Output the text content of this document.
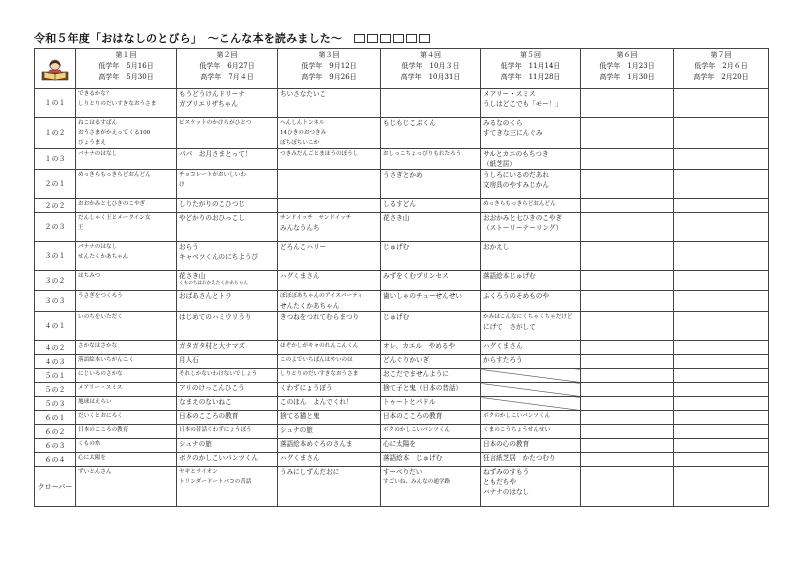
令和５年度「おはなしのとびら」　～こんな本を読みました～

第１回
低学年　5月16日
高学年　5月30日	第２回
低学年　6月27日
高学年　7月４日	第３回
低学年　9月12日
高学年　9月26日	第４回
低学年　10月３日
高学年　10月31日	第５回
低学年　11月14日
高学年　11月28日	第６回
低学年　1月23日
高学年　1月30日	第７回
低学年　2月６日
高学年　2月20日

１の１	できるかな？
しりとりのだいすきなおうさま	もうどうけんドリーナ
ガブリエリザちゃん	ちいさなたいこ		メアリー・スミス
うしはどこでも「モー！」		

１の２	ねこはるすばん
おうさまがかえってくる100
びょうまえ	ビスケットのかけらがひとつ	へんしんトンネル
14ひきのおつきみ
ぼちぼちいこか	もじもじこぶくん	みるなのくら
すてきな三にんぐみ		

１の３	バナナのはなし	パパ　お月さまとって！	つきみだんごとまほうのぼうし	おしっこちょっぴりもれたろう	サルとカニのもちつき
（紙芝居）		

２の１	めっきらもっきらどおんどん	チョコレートがおいしいわ
け		うさぎとかめ	うしろにいるのだあれ
文房具のやすみじかん		

２の２	おおかみと七ひきのこやぎ	しりたがりのこひつじ		しるすどん	めっきらもっきらどおんどん		

２の３	だんしゃく王とメークイン女
王	やどかりのおひっこし	サンドイッチ　サンドイッチ
みんなうんち	花さき山	おおかみと七ひきのこやぎ
（ストーリーテーリング）		

３の１	バナナのはなし
せんたくかあちゃん	おらう
キャベツくんのにちようび	どろんこハリー	じゅげむ	おかえし		

３の２	はちみつ	花さき山
くものちはおかえたくかあちゃん	ハグくまさん	みずをくむプリンセス	落語絵本じゅげむ		

３の３	うさぎをつくろう	おばあさんとトラ	ぼぼぼあちゃんのアイスパーティ
せんたくかあちゃん	歯いしゃのチューせんせい	ふくろうのそめものや		

４の１	いのちをいただく	はじめてのハミウリうり	きつねをつれてむらまつり	じゅげむ	かみはこんなにくちゃくちゃだけど
にげて　さがして		

４の２	さかなはさかな	ガタガタ村と大ナマズ	ほぞかしがキャのれんこんくん	オレ、カエル　やめるや	ハグくまさん		

４の３	落語絵本いちがんこく	月人石	このよでいちばんはやいのは	どんぐりかいぎ	からすたろう		

５の１	にじいろのさかな	それしかないわけないでしょう	しりとりのだいすきなおうさま	おこだでませんように			

５の２	メアリー・スミス	アリのけっこんひこう	くわずにょうぼう	捨て子と鬼（日本の昔話）			

５の３	地球はえらい	なまえのないねこ	このほん　よんでくれ！	トゥートとパドル			

６の１	だいくとおにろく	日本のこころの教育	捨てる猫と鬼	日本のこころの教育	ボクのかしこいパンツくん		

６の２	日本のこころの教育	日本の昔話くわずにょうぼう	シュナの旅	ボクのかしこいパンツくん	くまのこうちょうせんせい		

６の３	くもの糸	シュナの旅	落語絵本めぐろのさんま	心に太陽を	日本の心の教育		

６の４	心に太陽を	ボクのかしこいパンツくん	ハグくまさん	落語絵本　じゅげむ	狂言紙芝居　かたつむり		

クローバー	ずいとんさん	ヤギとライオン
トリンダードートバコの昔話	うみにしずんだおに	すーべりだい
すごいね、みんなの通学路	ねずみのすもう
ともだちや
バナナのはなし		
